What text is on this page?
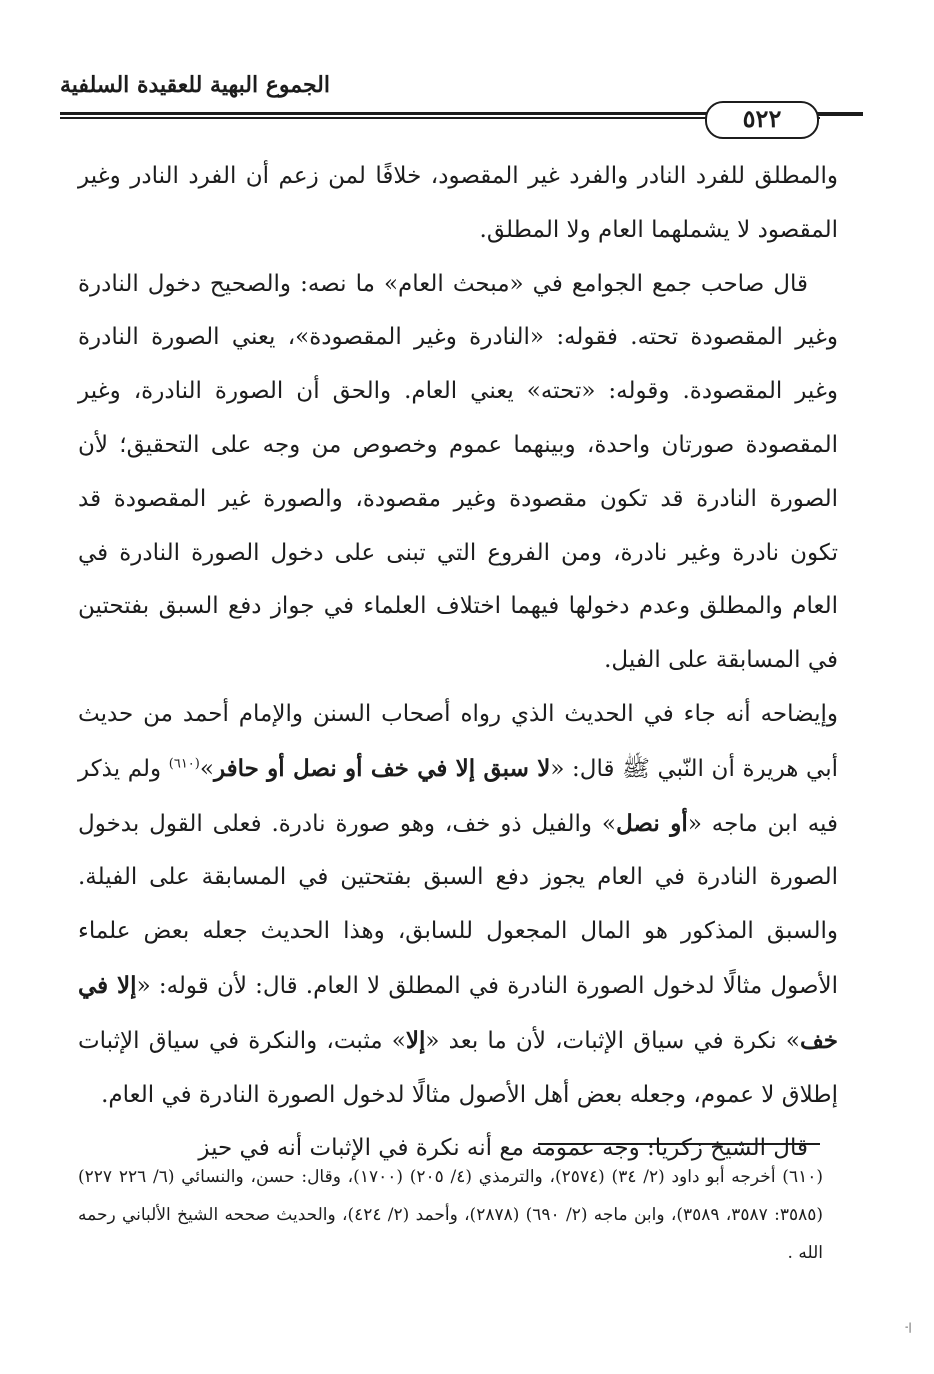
الجموع البهية للعقيدة السلفية
٥٢٢

والمطلق للفرد النادر والفرد غير المقصود، خلافًا لمن زعم أن الفرد النادر وغير المقصود لا يشملهما العام ولا المطلق.

قال صاحب جمع الجوامع في «مبحث العام» ما نصه: والصحيح دخول النادرة وغير المقصودة تحته. فقوله: «النادرة وغير المقصودة»، يعني الصورة النادرة وغير المقصودة. وقوله: «تحته» يعني العام. والحق أن الصورة النادرة، وغير المقصودة صورتان واحدة، وبينهما عموم وخصوص من وجه على التحقيق؛ لأن الصورة النادرة قد تكون مقصودة وغير مقصودة، والصورة غير المقصودة قد تكون نادرة وغير نادرة، ومن الفروع التي تبنى على دخول الصورة النادرة في العام والمطلق وعدم دخولها فيهما اختلاف العلماء في جواز دفع السبق بفتحتين في المسابقة على الفيل.

وإيضاحه أنه جاء في الحديث الذي رواه أصحاب السنن والإمام أحمد من حديث أبي هريرة أن النّبي ﷺ قال: «لا سبق إلا في خف أو نصل أو حافر»$^{(٦١٠)}$ ولم يذكر فيه ابن ماجه «أو نصل» والفيل ذو خف، وهو صورة نادرة. فعلى القول بدخول الصورة النادرة في العام يجوز دفع السبق بفتحتين في المسابقة على الفيلة. والسبق المذكور هو المال المجعول للسابق، وهذا الحديث جعله بعض علماء الأصول مثالًا لدخول الصورة النادرة في المطلق لا العام. قال: لأن قوله: «إلا في خف» نكرة في سياق الإثبات، لأن ما بعد «إلا» مثبت، والنكرة في سياق الإثبات إطلاق لا عموم، وجعله بعض أهل الأصول مثالًا لدخول الصورة النادرة في العام.

قال الشيخ زكريا: وجه عمومه مع أنه نكرة في الإثبات أنه في حيز

(٦١٠) أخرجه أبو داود (٢/ ٣٤) (٢٥٧٤)، والترمذي (٤/ ٢٠٥) (١٧٠٠)، وقال: حسن، والنسائي (٦/ ٢٢٦ ٢٢٧) (٣٥٨٥: ٣٥٨٧، ٣٥٨٩)، وابن ماجه (٢/ ٦٩٠) (٢٨٧٨)، وأحمد (٢/ ٤٢٤)، والحديث صححه الشيخ الألباني رحمه الله .

-|
